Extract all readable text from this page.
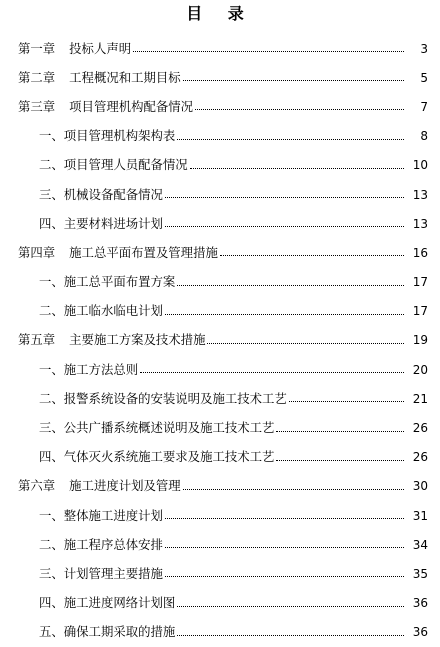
目 录
第一章 投标人声明	3
第二章 工程概况和工期目标	5
第三章 项目管理机构配备情况	7
一、项目管理机构架构表	8
二、项目管理人员配备情况	10
三、机械设备配备情况	13
四、主要材料进场计划	13
第四章 施工总平面布置及管理措施	16
一、施工总平面布置方案	17
二、施工临水临电计划	17
第五章 主要施工方案及技术措施	19
一、施工方法总则	20
二、报警系统设备的安装说明及施工技术工艺	21
三、公共广播系统概述说明及施工技术工艺	26
四、气体灭火系统施工要求及施工技术工艺	26
第六章 施工进度计划及管理	30
一、整体施工进度计划	31
二、施工程序总体安排	34
三、计划管理主要措施	35
四、施工进度网络计划图	36
五、确保工期采取的措施	36
